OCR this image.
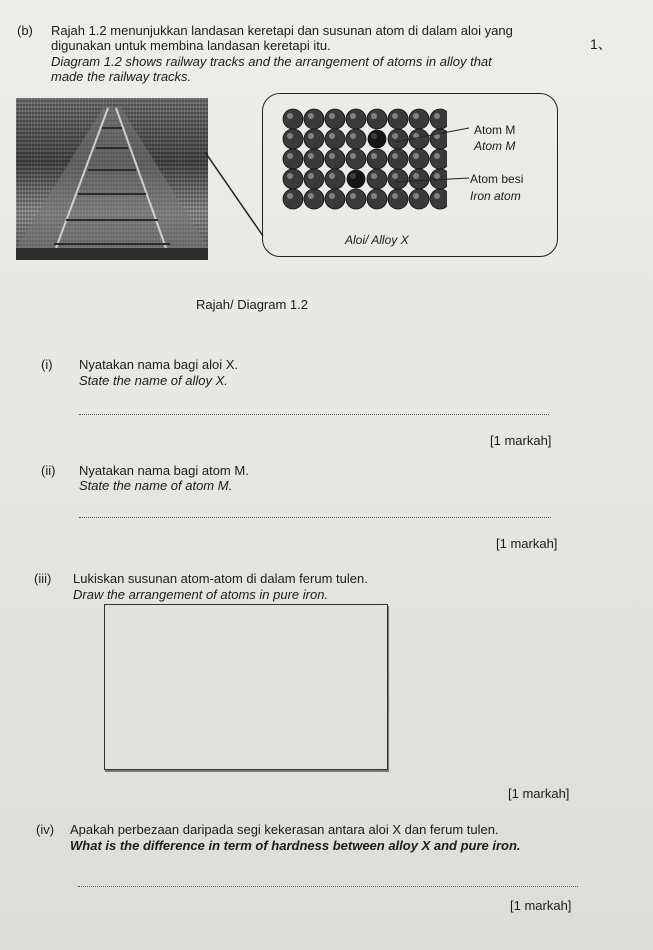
(b) Rajah 1.2 menunjukkan landasan keretapi dan susunan atom di dalam aloi yang
digunakan untuk membina landasan keretapi itu.
Diagram 1.2 shows railway tracks and the arrangement of atoms in alloy that
made the railway tracks.
1、
Atom M
Atom M
Atom besi
Iron atom
Aloi/ Alloy X
Rajah/ Diagram 1.2
(i) Nyatakan nama bagi aloi X.
State the name of alloy X.
[1 markah]
(ii) Nyatakan nama bagi atom M.
State the name of atom M.
[1 markah]
(iii) Lukiskan susunan atom-atom di dalam ferum tulen.
Draw the arrangement of atoms in pure iron.
[1 markah]
(iv) Apakah perbezaan daripada segi kekerasan antara aloi X dan ferum tulen.
What is the difference in term of hardness between alloy X and pure iron.
[1 markah]
